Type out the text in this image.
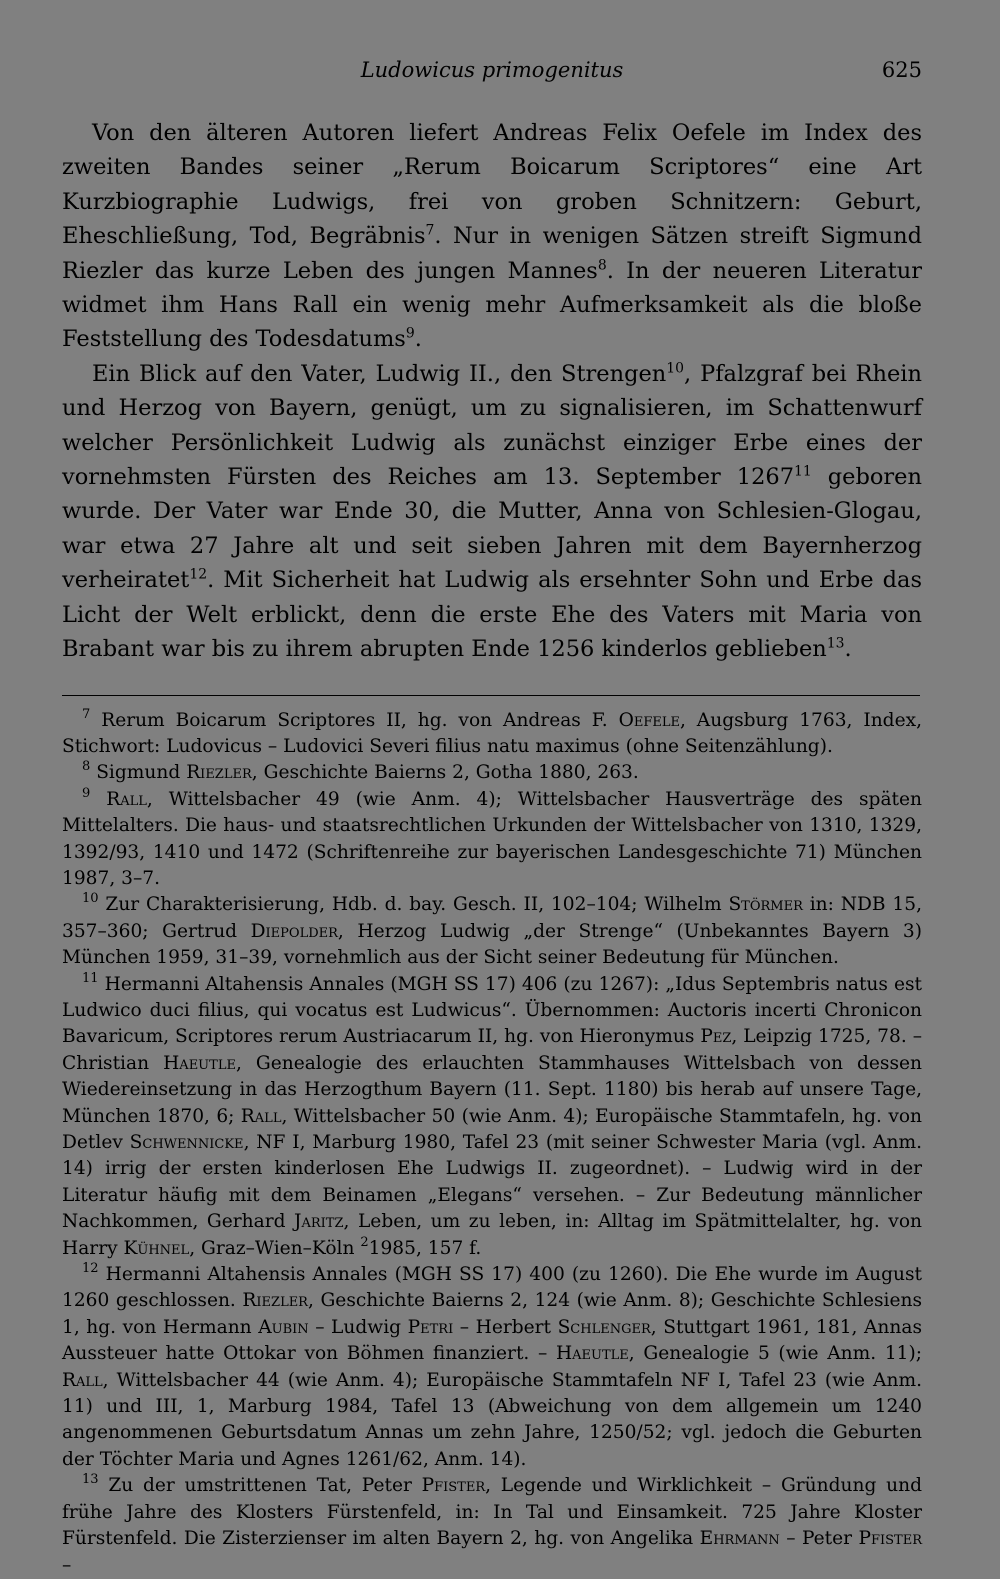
Ludowicus primogenitus	625

Von den älteren Autoren liefert Andreas Felix Oefele im Index des zweiten Bandes seiner „Rerum Boicarum Scriptores“ eine Art Kurzbiographie Ludwigs, frei von groben Schnitzern: Geburt, Eheschließung, Tod, Begräbnis$^7$. Nur in wenigen Sätzen streift Sigmund Riezler das kurze Leben des jungen Mannes$^8$. In der neueren Literatur widmet ihm Hans Rall ein wenig mehr Aufmerksamkeit als die bloße Feststellung des Todesdatums$^9$.

Ein Blick auf den Vater, Ludwig II., den Strengen$^{10}$, Pfalzgraf bei Rhein und Herzog von Bayern, genügt, um zu signalisieren, im Schattenwurf welcher Persönlichkeit Ludwig als zunächst einziger Erbe eines der vornehmsten Fürsten des Reiches am 13. September 1267$^{11}$ geboren wurde. Der Vater war Ende 30, die Mutter, Anna von Schlesien-Glogau, war etwa 27 Jahre alt und seit sieben Jahren mit dem Bayernherzog verheiratet$^{12}$. Mit Sicherheit hat Ludwig als ersehnter Sohn und Erbe das Licht der Welt erblickt, denn die erste Ehe des Vaters mit Maria von Brabant war bis zu ihrem abrupten Ende 1256 kinderlos geblieben$^{13}$.

$^7$ Rerum Boicarum Scriptores II, hg. von Andreas F. Oefele, Augsburg 1763, Index, Stichwort: Ludovicus – Ludovici Severi filius natu maximus (ohne Seitenzählung).

$^8$ Sigmund Riezler, Geschichte Baierns 2, Gotha 1880, 263.

$^9$ Rall, Wittelsbacher 49 (wie Anm. 4); Wittelsbacher Hausverträge des späten Mittelalters. Die haus- und staatsrechtlichen Urkunden der Wittelsbacher von 1310, 1329, 1392/93, 1410 und 1472 (Schriftenreihe zur bayerischen Landesgeschichte 71) München 1987, 3–7.

$^{10}$ Zur Charakterisierung, Hdb. d. bay. Gesch. II, 102–104; Wilhelm Störmer in: NDB 15, 357–360; Gertrud Diepolder, Herzog Ludwig „der Strenge“ (Unbekanntes Bayern 3) München 1959, 31–39, vornehmlich aus der Sicht seiner Bedeutung für München.

$^{11}$ Hermanni Altahensis Annales (MGH SS 17) 406 (zu 1267): „Idus Septembris natus est Ludwico duci filius, qui vocatus est Ludwicus“. Übernommen: Auctoris incerti Chronicon Bavaricum, Scriptores rerum Austriacarum II, hg. von Hieronymus Pez, Leipzig 1725, 78. – Christian Haeutle, Genealogie des erlauchten Stammhauses Wittelsbach von dessen Wiedereinsetzung in das Herzogthum Bayern (11. Sept. 1180) bis herab auf unsere Tage, München 1870, 6; Rall, Wittelsbacher 50 (wie Anm. 4); Europäische Stammtafeln, hg. von Detlev Schwennicke, NF I, Marburg 1980, Tafel 23 (mit seiner Schwester Maria (vgl. Anm. 14) irrig der ersten kinderlosen Ehe Ludwigs II. zugeordnet). – Ludwig wird in der Literatur häufig mit dem Beinamen „Elegans“ versehen. – Zur Bedeutung männlicher Nachkommen, Gerhard Jaritz, Leben, um zu leben, in: Alltag im Spätmittelalter, hg. von Harry Kühnel, Graz–Wien–Köln $^2$1985, 157 f.

$^{12}$ Hermanni Altahensis Annales (MGH SS 17) 400 (zu 1260). Die Ehe wurde im August 1260 geschlossen. Riezler, Geschichte Baierns 2, 124 (wie Anm. 8); Geschichte Schlesiens 1, hg. von Hermann Aubin – Ludwig Petri – Herbert Schlenger, Stuttgart 1961, 181, Annas Aussteuer hatte Ottokar von Böhmen finanziert. – Haeutle, Genealogie 5 (wie Anm. 11); Rall, Wittelsbacher 44 (wie Anm. 4); Europäische Stammtafeln NF I, Tafel 23 (wie Anm. 11) und III, 1, Marburg 1984, Tafel 13 (Abweichung von dem allgemein um 1240 angenommenen Geburtsdatum Annas um zehn Jahre, 1250/52; vgl. jedoch die Geburten der Töchter Maria und Agnes 1261/62, Anm. 14).

$^{13}$ Zu der umstrittenen Tat, Peter Pfister, Legende und Wirklichkeit – Gründung und frühe Jahre des Klosters Fürstenfeld, in: In Tal und Einsamkeit. 725 Jahre Kloster Fürstenfeld. Die Zisterzienser im alten Bayern 2, hg. von Angelika Ehrmann – Peter Pfister –
